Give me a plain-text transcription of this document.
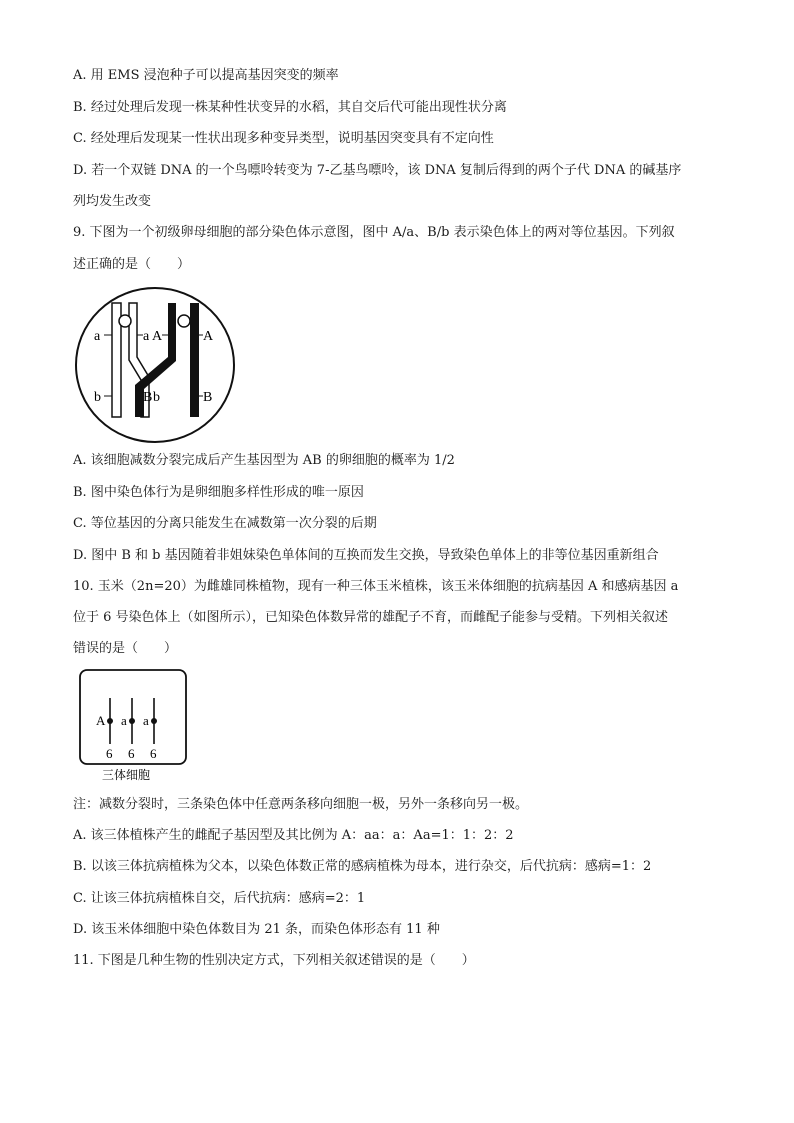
A. 用 EMS 浸泡种子可以提高基因突变的频率
B. 经过处理后发现一株某种性状变异的水稻，其自交后代可能出现性状分离
C. 经处理后发现某一性状出现多种变异类型，说明基因突变具有不定向性
D. 若一个双链 DNA 的一个鸟嘌呤转变为 7-乙基鸟嘌呤，该 DNA 复制后得到的两个子代 DNA 的碱基序
列均发生改变
9. 下图为一个初级卵母细胞的部分染色体示意图，图中 A/a、B/b 表示染色体上的两对等位基因。下列叙
述正确的是（　　）
a	a A	A
b	B b	B
A. 该细胞减数分裂完成后产生基因型为 AB 的卵细胞的概率为 1/2
B. 图中染色体行为是卵细胞多样性形成的唯一原因
C. 等位基因的分离只能发生在减数第一次分裂的后期
D. 图中 B 和 b 基因随着非姐妹染色单体间的互换而发生交换，导致染色单体上的非等位基因重新组合
10. 玉米（2n=20）为雌雄同株植物，现有一种三体玉米植株，该玉米体细胞的抗病基因 A 和感病基因 a
位于 6 号染色体上（如图所示），已知染色体数异常的雄配子不育，而雌配子能参与受精。下列相关叙述
错误的是（　　）
A a a
6 6 6
三体细胞
注：减数分裂时，三条染色体中任意两条移向细胞一极，另外一条移向另一极。
A. 该三体植株产生的雌配子基因型及其比例为 A：aa：a：Aa=1：1：2：2
B. 以该三体抗病植株为父本，以染色体数正常的感病植株为母本，进行杂交，后代抗病：感病=1：2
C. 让该三体抗病植株自交，后代抗病：感病=2：1
D. 该玉米体细胞中染色体数目为 21 条，而染色体形态有 11 种
11. 下图是几种生物的性别决定方式，下列相关叙述错误的是（　　）
